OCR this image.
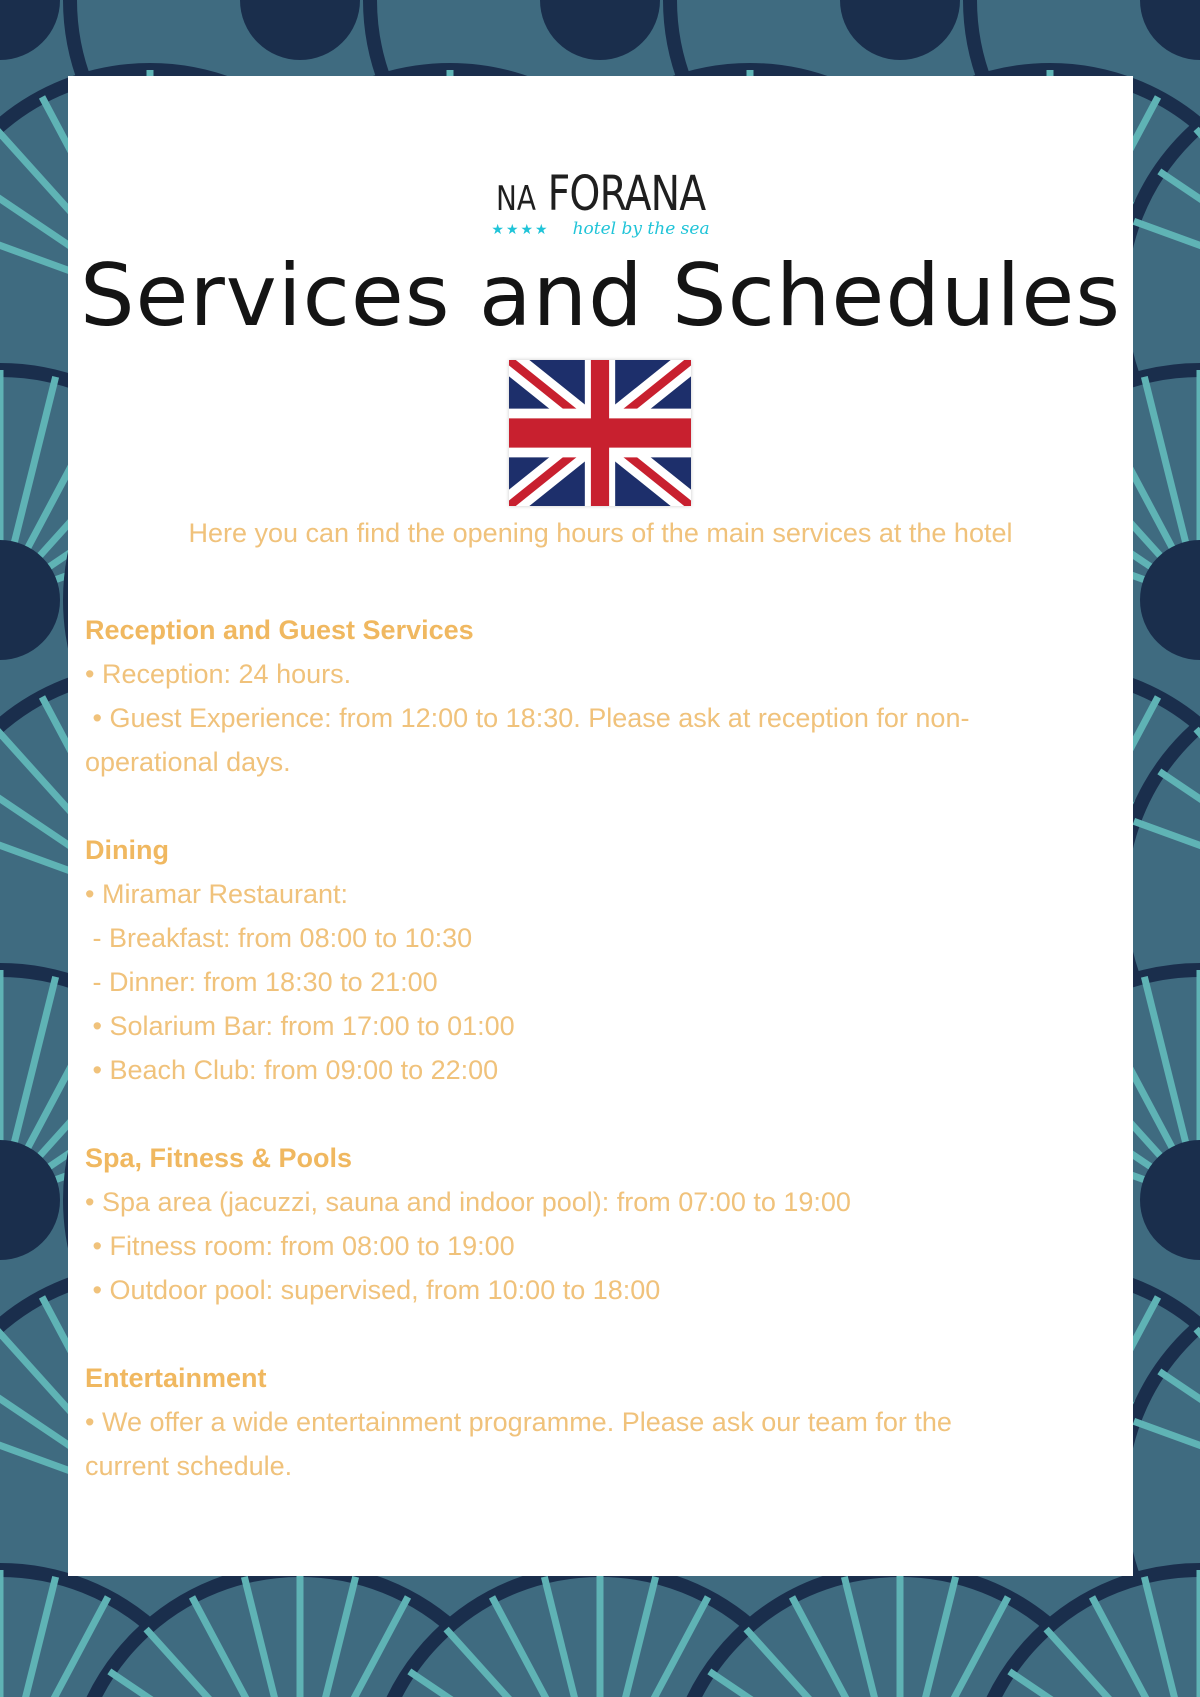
NA FORANA
★★★★ hotel by the sea
Services and Schedules
Here you can find the opening hours of the main services at the hotel
Reception and Guest Services

• Reception: 24 hours.

• Guest Experience: from 12:00 to 18:30. Please ask at reception for non-

operational days.

Dining

• Miramar Restaurant:

- Breakfast: from 08:00 to 10:30

- Dinner: from 18:30 to 21:00

• Solarium Bar: from 17:00 to 01:00

• Beach Club: from 09:00 to 22:00

Spa, Fitness & Pools

• Spa area (jacuzzi, sauna and indoor pool): from 07:00 to 19:00

• Fitness room: from 08:00 to 19:00

• Outdoor pool: supervised, from 10:00 to 18:00

Entertainment

• We offer a wide entertainment programme. Please ask our team for the

current schedule.
